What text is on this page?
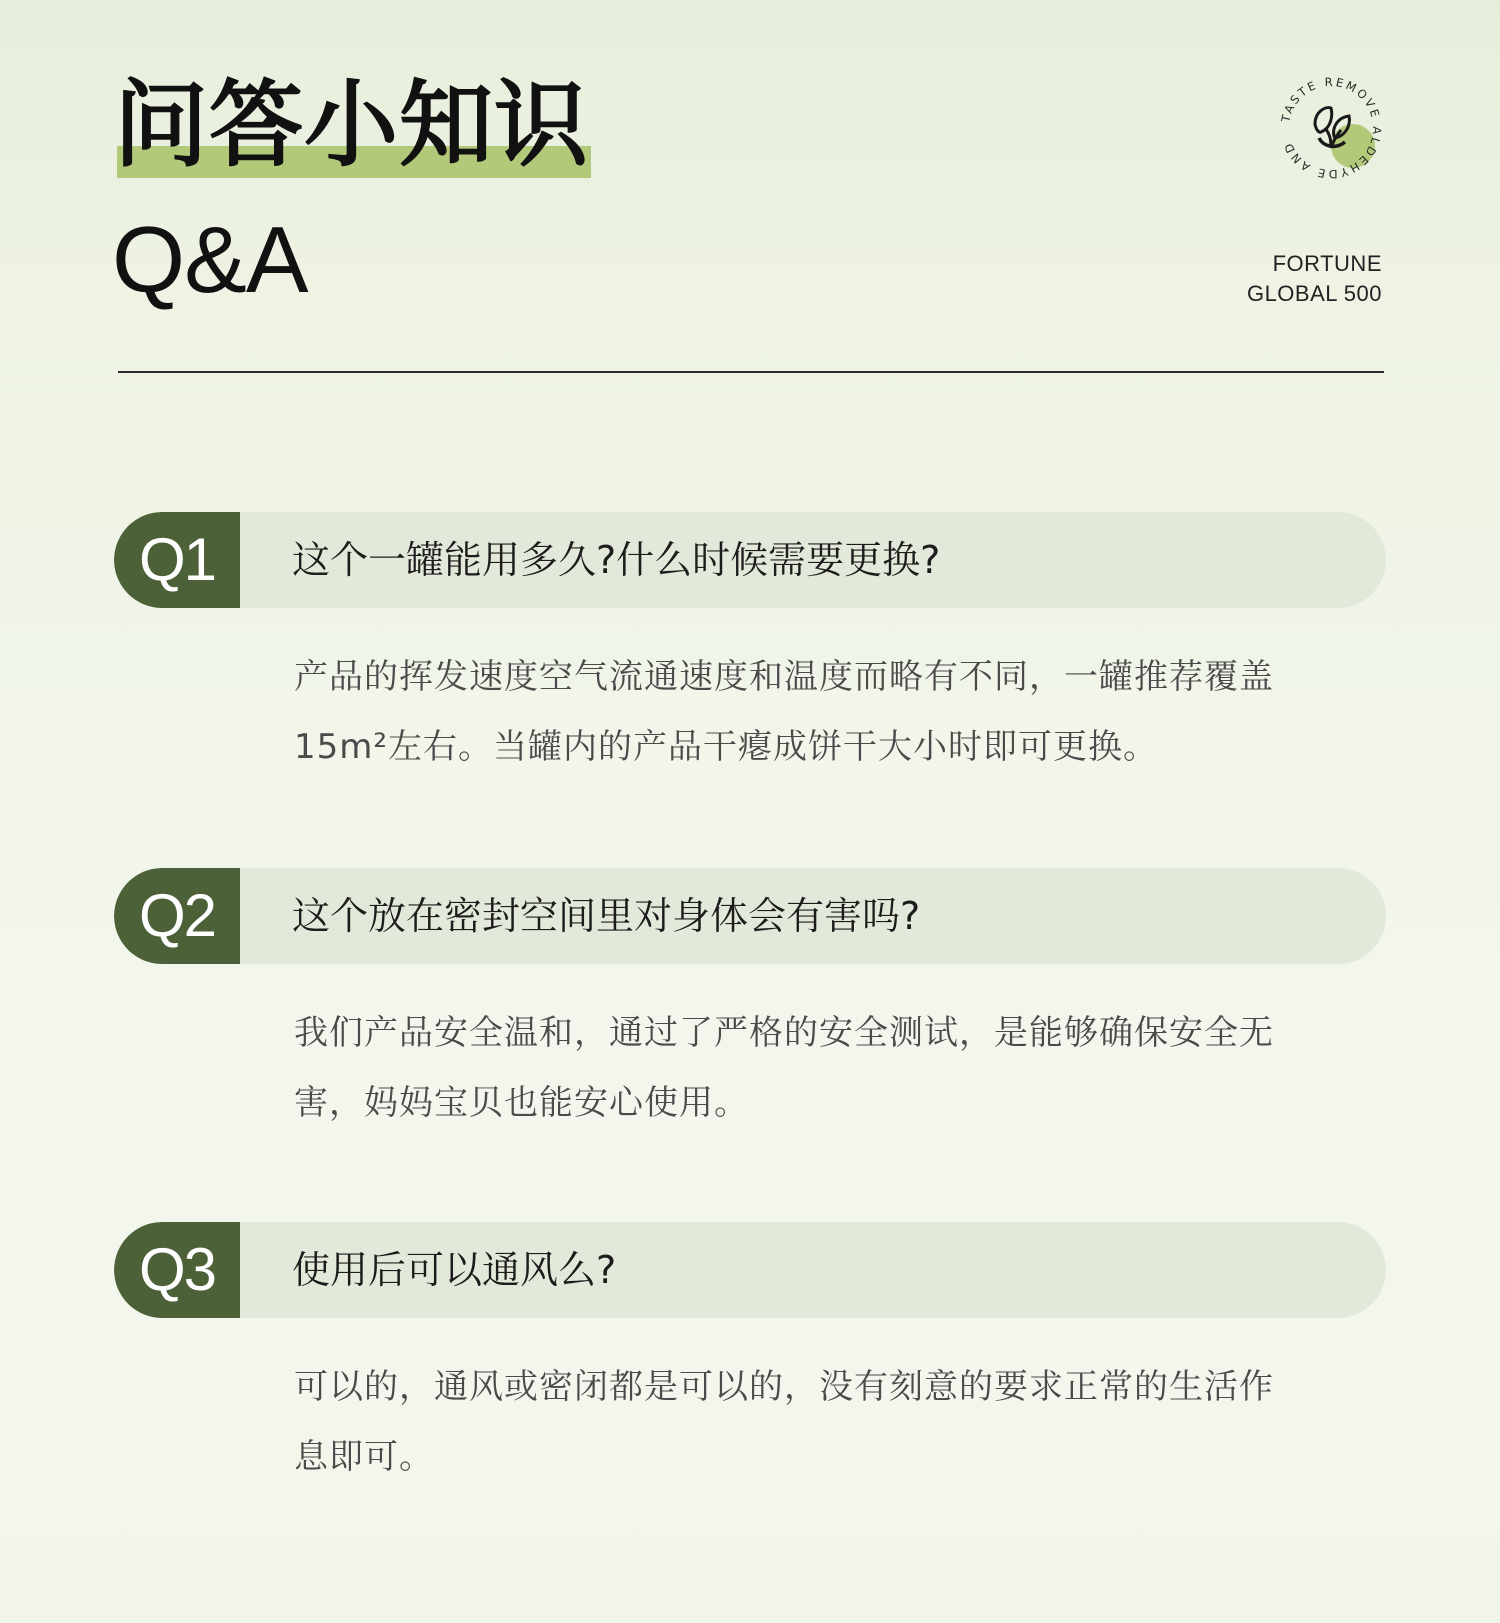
问答小知识
Q&A
TASTE REMOVE ALDEHYDE AND
FORTUNE
GLOBAL 500
Q1	这个一罐能用多久?什么时候需要更换?
产品的挥发速度空气流通速度和温度而略有不同，一罐推荐覆盖15m²左右。当罐内的产品干瘪成饼干大小时即可更换。
Q2	这个放在密封空间里对身体会有害吗?
我们产品安全温和，通过了严格的安全测试，是能够确保安全无害，妈妈宝贝也能安心使用。
Q3	使用后可以通风么?
可以的，通风或密闭都是可以的，没有刻意的要求正常的生活作息即可。
